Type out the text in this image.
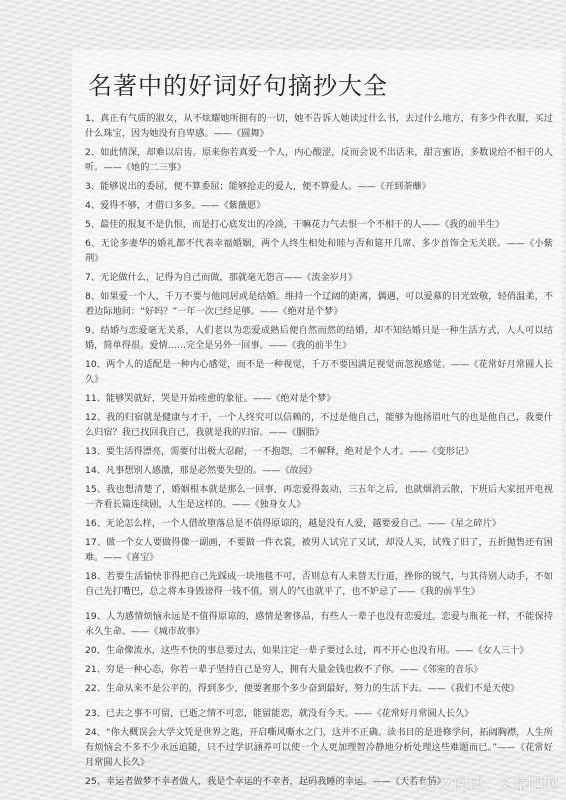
名著中的好词好句摘抄大全

1、真正有气质的淑女，从不炫耀她所拥有的一切，她不告诉人她读过什么书，去过什么地方，有多少件衣服，买过什么珠宝，因为她没有自卑感。——《圆舞》

2、如此情深，却难以启齿。原来你若真爱一个人，内心酸涩，反而会说不出话来，甜言蜜语，多数说给不相干的人听。——《她的二三事》

3、能够说出的委屈，便不算委屈；能够抢走的爱人，便不算爱人。——《开到荼蘼》

4、爱得不够，才借口多多。——《紫薇愿》

5、最佳的报复不是仇恨，而是打心底发出的冷淡，干嘛花力气去恨一个不相干的人——《我的前半生》

6、无论多妻华的婚礼都不代表幸福婚姻，两个人终生相处和睦与否和筵开几席、多少首饰全无关联。——《小紫荆》

7、无论做什么，记得为自己而做，那就毫无怨言——《流金岁月》

8、如果爱一个人，千万不要与他同居或是结婚。维持一个辽阔的距离，偶遇，可以爱慕的目光致敬，轻俏温柔，不着边际地问：“好吗？”一年一次已经足够。——《绝对是个梦》

9、结婚与恋爱毫无关系，人们老以为恋爱成熟后便自然而然的结婚，却不知结婚只是一种生活方式，人人可以结婚，简单得很。爱情……完全是另外一回事。——《我的前半生》

10、两个人的适配是一种内心感觉，而不是一种视觉，千万不要因满足视觉而忽视感觉。——《花常好月常圆人长久》

11、能够哭就好，哭是开始痊愈的象征。——《绝对是个梦》

12、我的归宿就是健康与才干，一个人终究可以信赖的，不过是他自己，能够为他扬眉吐气的也是他自己，我要什么归宿？我已找回我自己，我就是我的归宿。——《胭脂》

13、要生活得漂亮，需要付出极大忍耐，一不抱怨，二不解释，绝对是个人才。——《变形记》

14、凡事想别人感激，那是必然要失望的。——《故园》

15、我也想清楚了，婚姻根本就是那么一回事，再恋爱得轰动，三五年之后，也就烟消云散，下班后大家扭开电视一齐看长篇连续剧，人生是这样的。——《独身女人》

16、无论怎么样，一个人借故堕落总是不值得原谅的，越是没有人爱，越要爱自己。——《星之碎片》

17、做一个女人要做得像一副画，不要做一件衣裳，被男人试完了又试，却没人买，试残了旧了，五折抛售还有困难。——《喜宝》

18、若要生活愉快非得把自己先踩成一块地毯不可，否则总有人来替天行道，挫你的锐气，与其待别人动手，不如自己先打嘴巴，总之将本身毁谤得一钱不值，别人的气也就平了，也不妒忌了——《我的前半生》

19、人为感情烦恼永远是不值得原谅的，感情是奢侈品，有些人一辈子也没有恋爱过。恋爱与瓶花一样，不能保持永久生命。——《城市故事》

20、生命像流水，这些不快的事总要过去，如果注定一辈子要过么过，再不开心也没有用。——《女人三十》

21、穷是一种心态，你若一辈子坚持自己是穷人，拥有大量金钱也救不了你。——《邻室的音乐》

22、生命从来不是公平的，得到多少，便要奢那个多少奋到最好，努力的生活下去。——《我们不是天使》

23、已去之事不可留，已逝之情不可恋，能留能恋，就没有今天。——《花常好月常圆人长久》

24、“你大概误会大学文凭是世界之匙，开启嘶风嘶水之门，这并不正确。读书目的是进修学问，拓阔胸襟，人生所有烦恼会不多不少永远追随，只不过学识涵养可以使一个人更加理智冷静地分析处理这些难题而已。”——《花常好月常圆人长久》

25、幸运者做梦不幸者做人，我是个幸运的不幸者，起码我睡的幸运。——《天若有情》

好文阅读：文章吧网
